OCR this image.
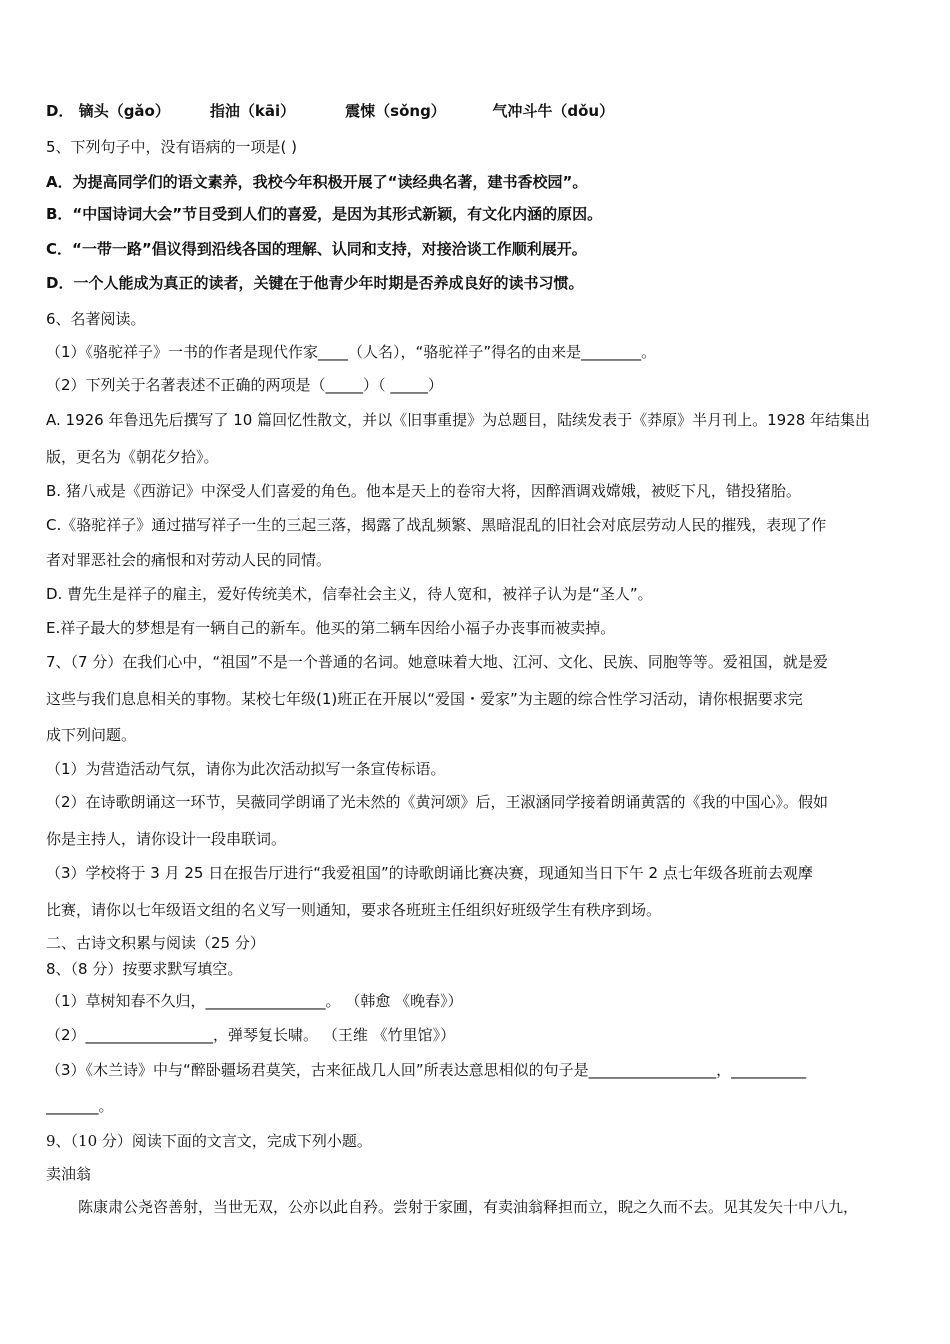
D． 镝头（gǎo）	指油（kāi）	震悚（sǒng）	气冲斗牛（dǒu）
5、下列句子中，没有语病的一项是( )
A．为提高同学们的语文素养，我校今年积极开展了“读经典名著，建书香校园”。
B．“中国诗词大会”节目受到人们的喜爱，是因为其形式新颖，有文化内涵的原因。
C．“一带一路”倡议得到沿线各国的理解、认同和支持，对接洽谈工作顺利展开。
D．一个人能成为真正的读者，关键在于他青少年时期是否养成良好的读书习惯。
6、名著阅读。
（1）《骆驼祥子》一书的作者是现代作家____（人名），“骆驼祥子”得名的由来是________。
（2）下列关于名著表述不正确的两项是（_____）（ _____）
A. 1926 年鲁迅先后撰写了 10 篇回忆性散文，并以《旧事重提》为总题目，陆续发表于《莽原》半月刊上。1928 年结集出
版，更名为《朝花夕拾》。
B. 猪八戒是《西游记》中深受人们喜爱的角色。他本是天上的卷帘大将，因醉酒调戏嫦娥，被贬下凡，错投猪胎。
C.《骆驼祥子》通过描写祥子一生的三起三落，揭露了战乱频繁、黑暗混乱的旧社会对底层劳动人民的摧残，表现了作
者对罪恶社会的痛恨和对劳动人民的同情。
D. 曹先生是祥子的雇主，爱好传统美术，信奉社会主义，待人宽和，被祥子认为是“圣人”。
E.祥子最大的梦想是有一辆自己的新车。他买的第二辆车因给小福子办丧事而被卖掉。
7、（7 分）在我们心中，“祖国”不是一个普通的名词。她意味着大地、江河、文化、民族、同胞等等。爱祖国，就是爱
这些与我们息息相关的事物。某校七年级(1)班正在开展以“爱国・爱家”为主题的综合性学习活动，请你根据要求完
成下列问题。
（1）为营造活动气氛，请你为此次活动拟写一条宣传标语。
（2）在诗歌朗诵这一环节，吴薇同学朗诵了光未然的《黄河颂》后，王淑涵同学接着朗诵黄霑的《我的中国心》。假如
你是主持人，请你设计一段串联词。
（3）学校将于 3 月 25 日在报告厅进行“我爱祖国”的诗歌朗诵比赛决赛，现通知当日下午 2 点七年级各班前去观摩
比赛，请你以七年级语文组的名义写一则通知，要求各班班主任组织好班级学生有秩序到场。
二、古诗文积累与阅读（25 分）
8、（8 分）按要求默写填空。
（1）草树知春不久归，________________。 （韩愈 《晚春》）
（2）_________________，弹琴复长啸。 （王维 《竹里馆》）
（3）《木兰诗》中与“醉卧疆场君莫笑，古来征战几人回”所表达意思相似的句子是_________________，__________
_______。
9、（10 分）阅读下面的文言文，完成下列小题。
卖油翁
陈康肃公尧咨善射，当世无双，公亦以此自矜。尝射于家圃，有卖油翁释担而立，睨之久而不去。见其发矢十中八九，
